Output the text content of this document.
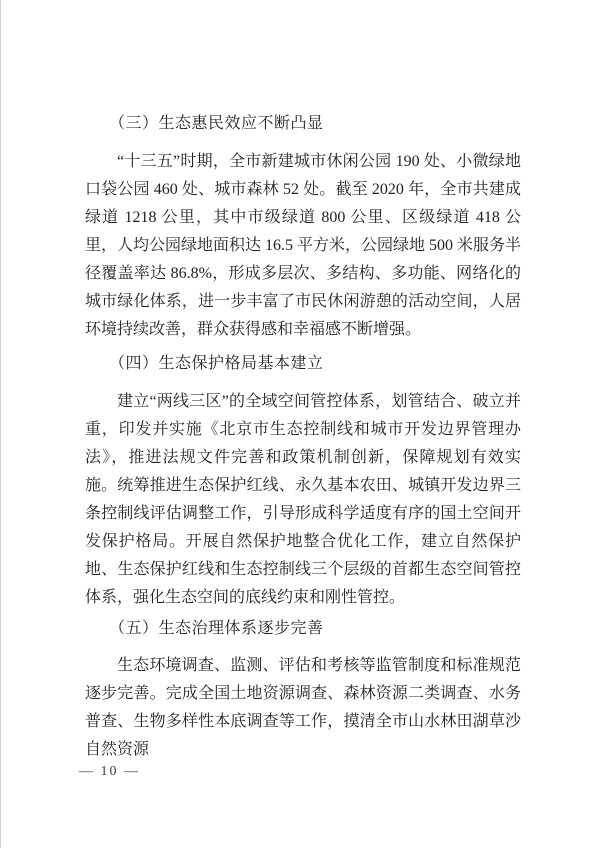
（三）生态惠民效应不断凸显

“十三五”时期，全市新建城市休闲公园 190 处、小微绿地口袋公园 460 处、城市森林 52 处。截至 2020 年，全市共建成绿道 1218 公里，其中市级绿道 800 公里、区级绿道 418 公里，人均公园绿地面积达 16.5 平方米，公园绿地 500 米服务半径覆盖率达 86.8%，形成多层次、多结构、多功能、网络化的城市绿化体系，进一步丰富了市民休闲游憩的活动空间，人居环境持续改善，群众获得感和幸福感不断增强。

（四）生态保护格局基本建立

建立“两线三区”的全域空间管控体系，划管结合、破立并重，印发并实施《北京市生态控制线和城市开发边界管理办法》，推进法规文件完善和政策机制创新，保障规划有效实施。统筹推进生态保护红线、永久基本农田、城镇开发边界三条控制线评估调整工作，引导形成科学适度有序的国土空间开发保护格局。开展自然保护地整合优化工作，建立自然保护地、生态保护红线和生态控制线三个层级的首都生态空间管控体系，强化生态空间的底线约束和刚性管控。

（五）生态治理体系逐步完善

生态环境调查、监测、评估和考核等监管制度和标准规范逐步完善。完成全国土地资源调查、森林资源二类调查、水务普查、生物多样性本底调查等工作，摸清全市山水林田湖草沙自然资源

— 10 —
